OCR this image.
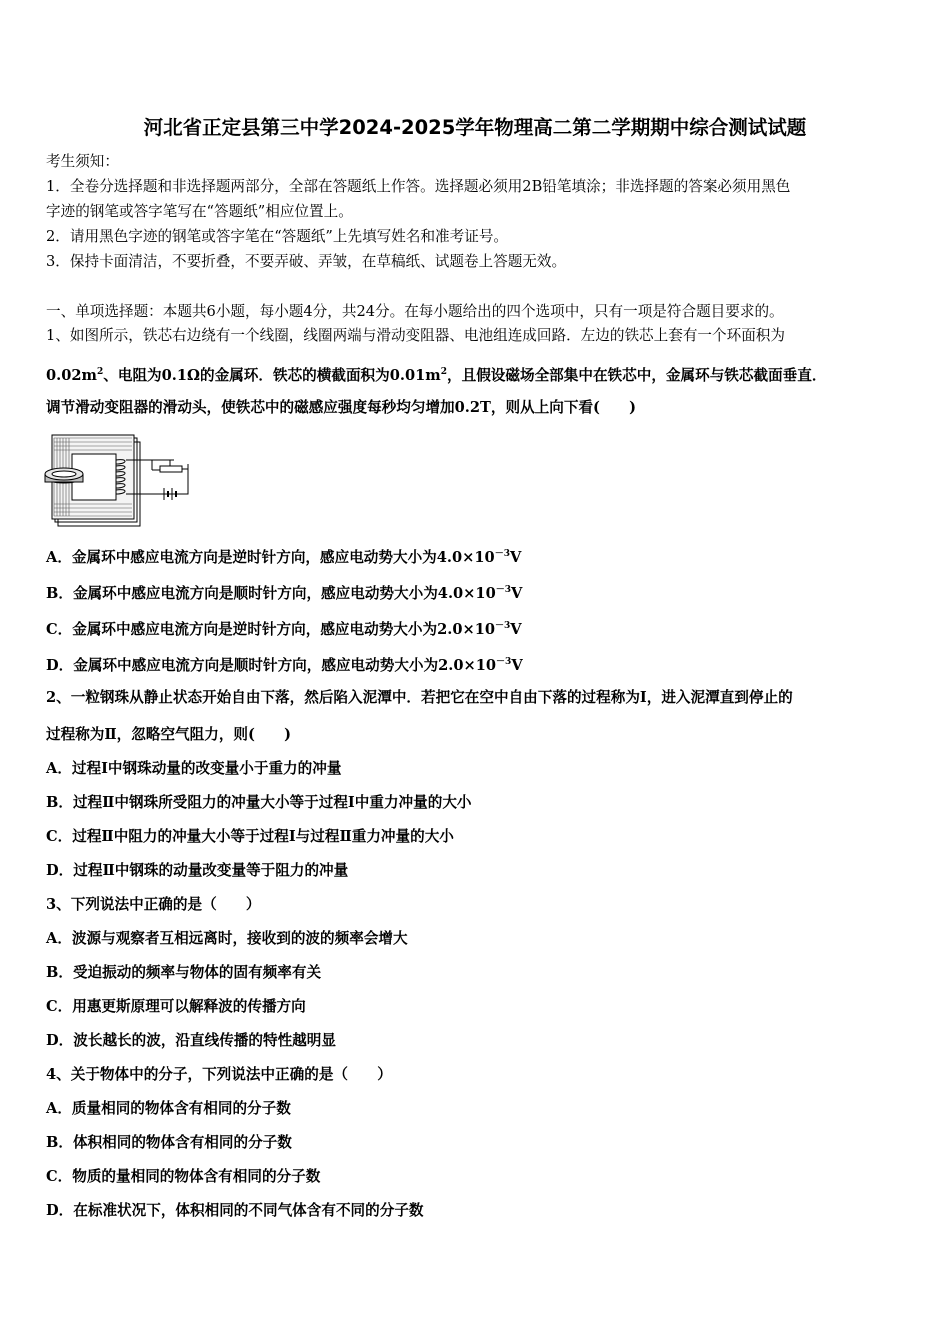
河北省正定县第三中学2024-2025学年物理高二第二学期期中综合测试试题
考生须知：
1．全卷分选择题和非选择题两部分，全部在答题纸上作答。选择题必须用2B铅笔填涂；非选择题的答案必须用黑色
字迹的钢笔或答字笔写在“答题纸”相应位置上。
2．请用黑色字迹的钢笔或答字笔在“答题纸”上先填写姓名和准考证号。
3．保持卡面清洁，不要折叠，不要弄破、弄皱，在草稿纸、试题卷上答题无效。
一、单项选择题：本题共6小题，每小题4分，共24分。在每小题给出的四个选项中，只有一项是符合题目要求的。
1、如图所示，铁芯右边绕有一个线圈，线圈两端与滑动变阻器、电池组连成回路．左边的铁芯上套有一个环面积为
$0.02m^2$、电阻为0.1Ω的金属环．铁芯的横截面积为$0.01m^2$，且假设磁场全部集中在铁芯中，金属环与铁芯截面垂直．
调节滑动变阻器的滑动头，使铁芯中的磁感应强度每秒均匀增加0.2T，则从上向下看(　　)
A．金属环中感应电流方向是逆时针方向，感应电动势大小为$4.0\times 10^{-3}V$
B．金属环中感应电流方向是顺时针方向，感应电动势大小为$4.0\times 10^{-3}V$
C．金属环中感应电流方向是逆时针方向，感应电动势大小为$2.0\times 10^{-3}V$
D．金属环中感应电流方向是顺时针方向，感应电动势大小为$2.0\times 10^{-3}V$
2、一粒钢珠从静止状态开始自由下落，然后陷入泥潭中．若把它在空中自由下落的过程称为Ⅰ，进入泥潭直到停止的
过程称为Ⅱ，忽略空气阻力，则(　　)
A．过程Ⅰ中钢珠动量的改变量小于重力的冲量
B．过程Ⅱ中钢珠所受阻力的冲量大小等于过程Ⅰ中重力冲量的大小
C．过程Ⅱ中阻力的冲量大小等于过程Ⅰ与过程Ⅱ重力冲量的大小
D．过程Ⅱ中钢珠的动量改变量等于阻力的冲量
3、下列说法中正确的是（　　）
A．波源与观察者互相远离时，接收到的波的频率会增大
B．受迫振动的频率与物体的固有频率有关
C．用惠更斯原理可以解释波的传播方向
D．波长越长的波，沿直线传播的特性越明显
4、关于物体中的分子，下列说法中正确的是（　　）
A．质量相同的物体含有相同的分子数
B．体积相同的物体含有相同的分子数
C．物质的量相同的物体含有相同的分子数
D．在标准状况下，体积相同的不同气体含有不同的分子数
